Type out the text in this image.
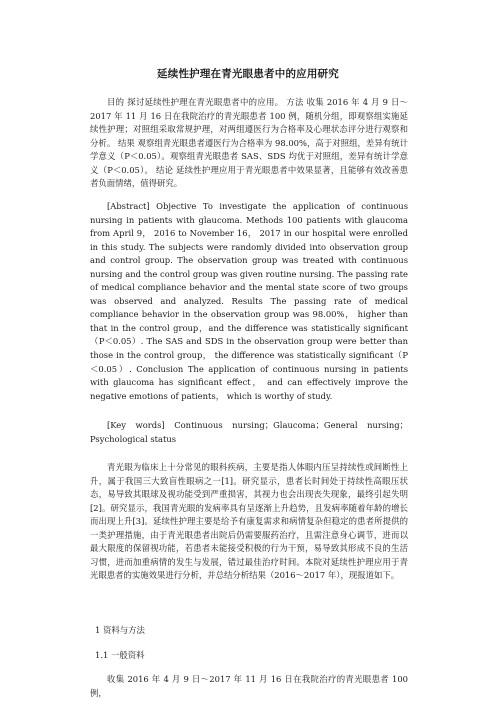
延续性护理在青光眼患者中的应用研究
目的 探讨延续性护理在青光眼患者中的应用。 方法 收集 2016 年 4 月 9 日～2017 年 11 月 16 日在我院治疗的青光眼患者 100 例，随机分组，即观察组实施延续性护理；对照组采取常规护理，对两组遵医行为合格率及心理状态评分进行观察和分析。 结果 观察组青光眼患者遵医行为合格率为 98.00%，高于对照组，差异有统计学意义（P＜0.05）。观察组青光眼患者 SAS、SDS 均优于对照组，差异有统计学意义（P＜0.05）。 结论 延续性护理应用于青光眼患者中效果显著，且能够有效改善患者负面情绪，值得研究。
[Abstract] Objective To investigate the application of continuous nursing in patients with glaucoma. Methods 100 patients with glaucoma from April 9， 2016 to November 16， 2017 in our hospital were enrolled in this study. The subjects were randomly divided into observation group and control group. The observation group was treated with continuous nursing and the control group was given routine nursing. The passing rate of medical compliance behavior and the mental state score of two groups was observed and analyzed. Results The passing rate of medical compliance behavior in the observation group was 98.00%， higher than that in the control group，and the difference was statistically significant（P＜0.05）. The SAS and SDS in the observation group were better than those in the control group， the difference was statistically significant（P＜0.05）. Conclusion The application of continuous nursing in patients with glaucoma has significant effect， and can effectively improve the negative emotions of patients， which is worthy of study.
[Key words] Continuous nursing；Glaucoma；General nursing；Psychological status
青光眼为临床上十分常见的眼科疾病，主要是指人体眼内压呈持续性或间断性上升，属于我国三大致盲性眼病之一[1]。研究显示，患者长时间处于持续性高眼压状态，易导致其眼球及视功能受到严重损害，其视力也会出现丧失现象，最终引起失明[2]。研究显示，我国青光眼的发病率具有呈逐渐上升趋势，且发病率随着年龄的增长而出现上升[3]。延续性护理主要是给予有康复需求和病情复杂但稳定的患者所提供的一类护理措施，由于青光眼患者出院后仍需要服药治疗，且需注意身心调节，进而以最大限度的保留视功能，若患者未能接受积极的行为干预，易导致其形成不良的生活习惯，进而加重病情的发生与发展，错过最佳治疗时间。本院对延续性护理应用于青光眼患者的实施效果进行分析，并总结分析结果（2016～2017 年），现报道如下。
1 资料与方法
1.1 一般资料
收集 2016 年 4 月 9 日～2017 年 11 月 16 日在我院治疗的青光眼患者 100 例，
